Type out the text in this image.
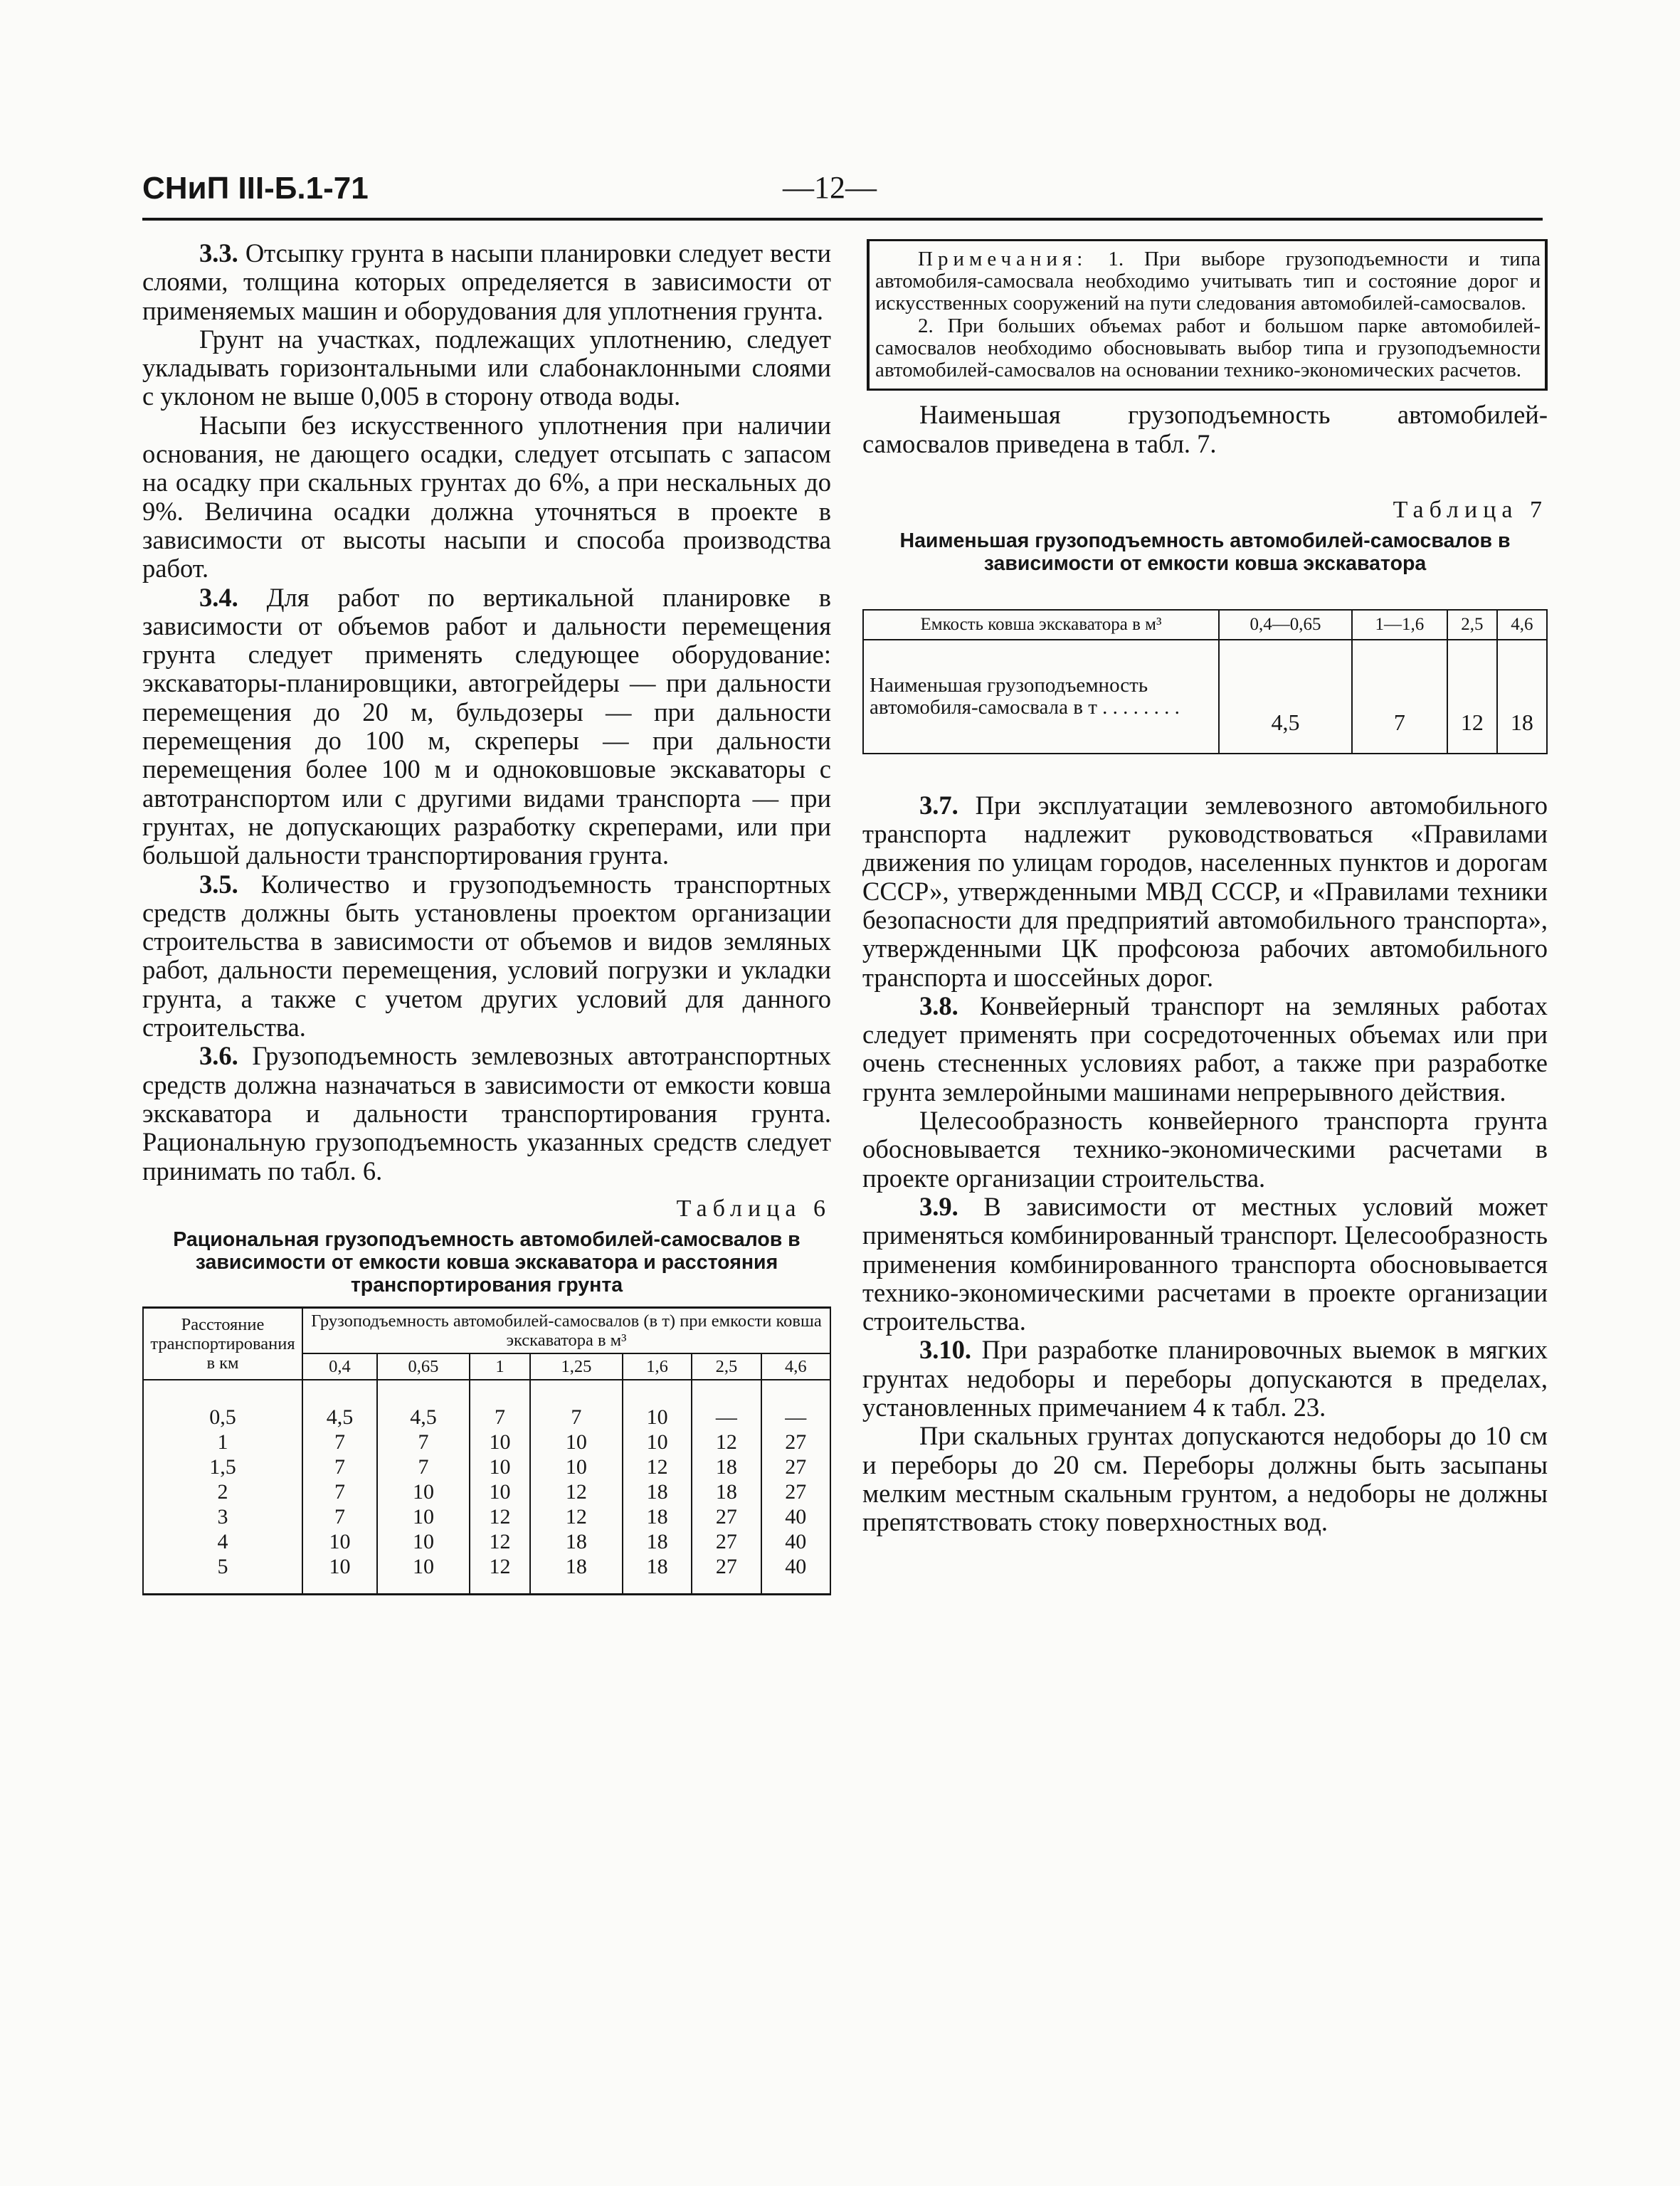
СНиП III-Б.1-71	—12—

3.3. Отсыпку грунта в насыпи планировки следует вести слоями, толщина которых определяется в зависимости от применяемых машин и оборудования для уплотнения грунта.

Грунт на участках, подлежащих уплотнению, следует укладывать горизонтальными или слабонаклонными слоями с уклоном не выше 0,005 в сторону отвода воды.

Насыпи без искусственного уплотнения при наличии основания, не дающего осадки, следует отсыпать с запасом на осадку при скальных грунтах до 6%, а при нескальных до 9%. Величина осадки должна уточняться в проекте в зависимости от высоты насыпи и способа производства работ.

3.4. Для работ по вертикальной планировке в зависимости от объемов работ и дальности перемещения грунта следует применять следующее оборудование: экскаваторы-планировщики, автогрейдеры — при дальности перемещения до 20 м, бульдозеры — при дальности перемещения до 100 м, скреперы — при дальности перемещения более 100 м и одноковшовые экскаваторы с автотранспортом или с другими видами транспорта — при грунтах, не допускающих разработку скреперами, или при большой дальности транспортирования грунта.

3.5. Количество и грузоподъемность транспортных средств должны быть установлены проектом организации строительства в зависимости от объемов и видов земляных работ, дальности перемещения, условий погрузки и укладки грунта, а также с учетом других условий для данного строительства.

3.6. Грузоподъемность землевозных автотранспортных средств должна назначаться в зависимости от емкости ковша экскаватора и дальности транспортирования грунта. Рациональную грузоподъемность указанных средств следует принимать по табл. 6.

Таблица 6
Рациональная грузоподъемность автомобилей-самосвалов в зависимости от емкости ковша экскаватора и расстояния транспортирования грунта
Расстояние транспортирования в км	Грузоподъемность автомобилей-самосвалов (в т) при емкости ковша экскаватора в м³						
	0,4	0,65	1	1,25	1,6	2,5	4,6
0,5	4,5	4,5	7	7	10	—	—
1	7	7	10	10	10	12	27
1,5	7	7	10	10	12	18	27
2	7	10	10	12	18	18	27
3	7	10	12	12	18	27	40
4	10	10	12	18	18	27	40
5	10	10	12	18	18	27	40

Примечания: 1. При выборе грузоподъемности и типа автомобиля-самосвала необходимо учитывать тип и состояние дорог и искусственных сооружений на пути следования автомобилей-самосвалов.

2. При больших объемах работ и большом парке автомобилей-самосвалов необходимо обосновывать выбор типа и грузоподъемности автомобилей-самосвалов на основании технико-экономических расчетов.

Наименьшая грузоподъемность автомобилей-самосвалов приведена в табл. 7.

Таблица 7
Наименьшая грузоподъемность автомобилей-самосвалов в зависимости от емкости ковша экскаватора
Емкость ковша экскаватора в м³	0,4—0,65	1—1,6	2,5	4,6
Наименьшая грузоподъемность автомобиля-самосвала в т . . . . . . . .	4,5	7	12	18

3.7. При эксплуатации землевозного автомобильного транспорта надлежит руководствоваться «Правилами движения по улицам городов, населенных пунктов и дорогам СССР», утвержденными МВД СССР, и «Правилами техники безопасности для предприятий автомобильного транспорта», утвержденными ЦК профсоюза рабочих автомобильного транспорта и шоссейных дорог.

3.8. Конвейерный транспорт на земляных работах следует применять при сосредоточенных объемах или при очень стесненных условиях работ, а также при разработке грунта землеройными машинами непрерывного действия.

Целесообразность конвейерного транспорта грунта обосновывается технико-экономическими расчетами в проекте организации строительства.

3.9. В зависимости от местных условий может применяться комбинированный транспорт. Целесообразность применения комбинированного транспорта обосновывается технико-экономическими расчетами в проекте организации строительства.

3.10. При разработке планировочных выемок в мягких грунтах недоборы и переборы допускаются в пределах, установленных примечанием 4 к табл. 23.

При скальных грунтах допускаются недоборы до 10 см и переборы до 20 см. Переборы должны быть засыпаны мелким местным скальным грунтом, а недоборы не должны препятствовать стоку поверхностных вод.
